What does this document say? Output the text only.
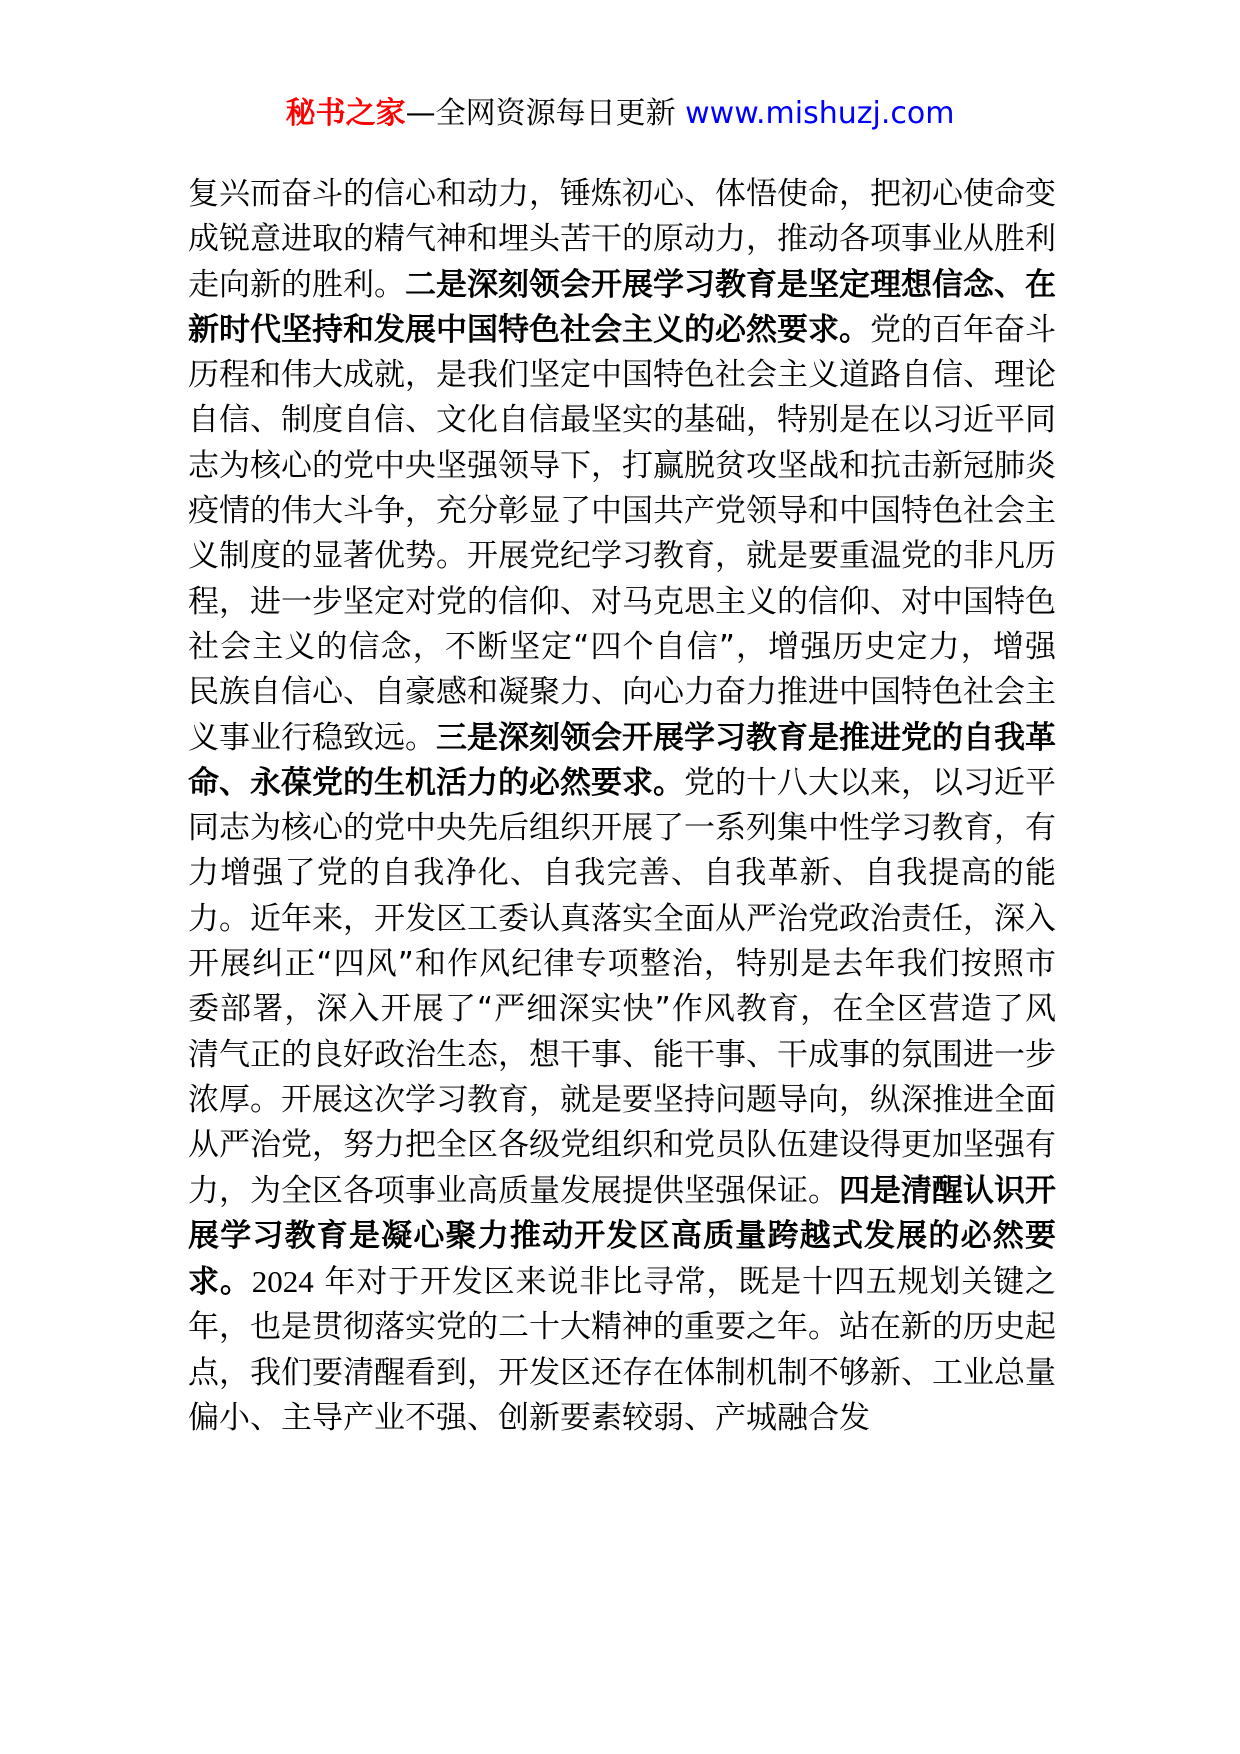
秘书之家—全网资源每日更新 www.mishuzj.com

复兴而奋斗的信心和动力，锤炼初心、体悟使命，把初心使命变成锐意进取的精气神和埋头苦干的原动力，推动各项事业从胜利走向新的胜利。二是深刻领会开展学习教育是坚定理想信念、在新时代坚持和发展中国特色社会主义的必然要求。党的百年奋斗历程和伟大成就，是我们坚定中国特色社会主义道路自信、理论自信、制度自信、文化自信最坚实的基础，特别是在以习近平同志为核心的党中央坚强领导下，打赢脱贫攻坚战和抗击新冠肺炎疫情的伟大斗争，充分彰显了中国共产党领导和中国特色社会主义制度的显著优势。开展党纪学习教育，就是要重温党的非凡历程，进一步坚定对党的信仰、对马克思主义的信仰、对中国特色社会主义的信念，不断坚定“四个自信”，增强历史定力，增强民族自信心、自豪感和凝聚力、向心力奋力推进中国特色社会主义事业行稳致远。三是深刻领会开展学习教育是推进党的自我革命、永葆党的生机活力的必然要求。党的十八大以来，以习近平同志为核心的党中央先后组织开展了一系列集中性学习教育，有力增强了党的自我净化、自我完善、自我革新、自我提高的能力。近年来，开发区工委认真落实全面从严治党政治责任，深入开展纠正“四风”和作风纪律专项整治，特别是去年我们按照市委部署，深入开展了“严细深实快”作风教育，在全区营造了风清气正的良好政治生态，想干事、能干事、干成事的氛围进一步浓厚。开展这次学习教育，就是要坚持问题导向，纵深推进全面从严治党，努力把全区各级党组织和党员队伍建设得更加坚强有力，为全区各项事业高质量发展提供坚强保证。四是清醒认识开展学习教育是凝心聚力推动开发区高质量跨越式发展的必然要求。2024 年对于开发区来说非比寻常，既是十四五规划关键之年，也是贯彻落实党的二十大精神的重要之年。站在新的历史起点，我们要清醒看到，开发区还存在体制机制不够新、工业总量偏小、主导产业不强、创新要素较弱、产城融合发
